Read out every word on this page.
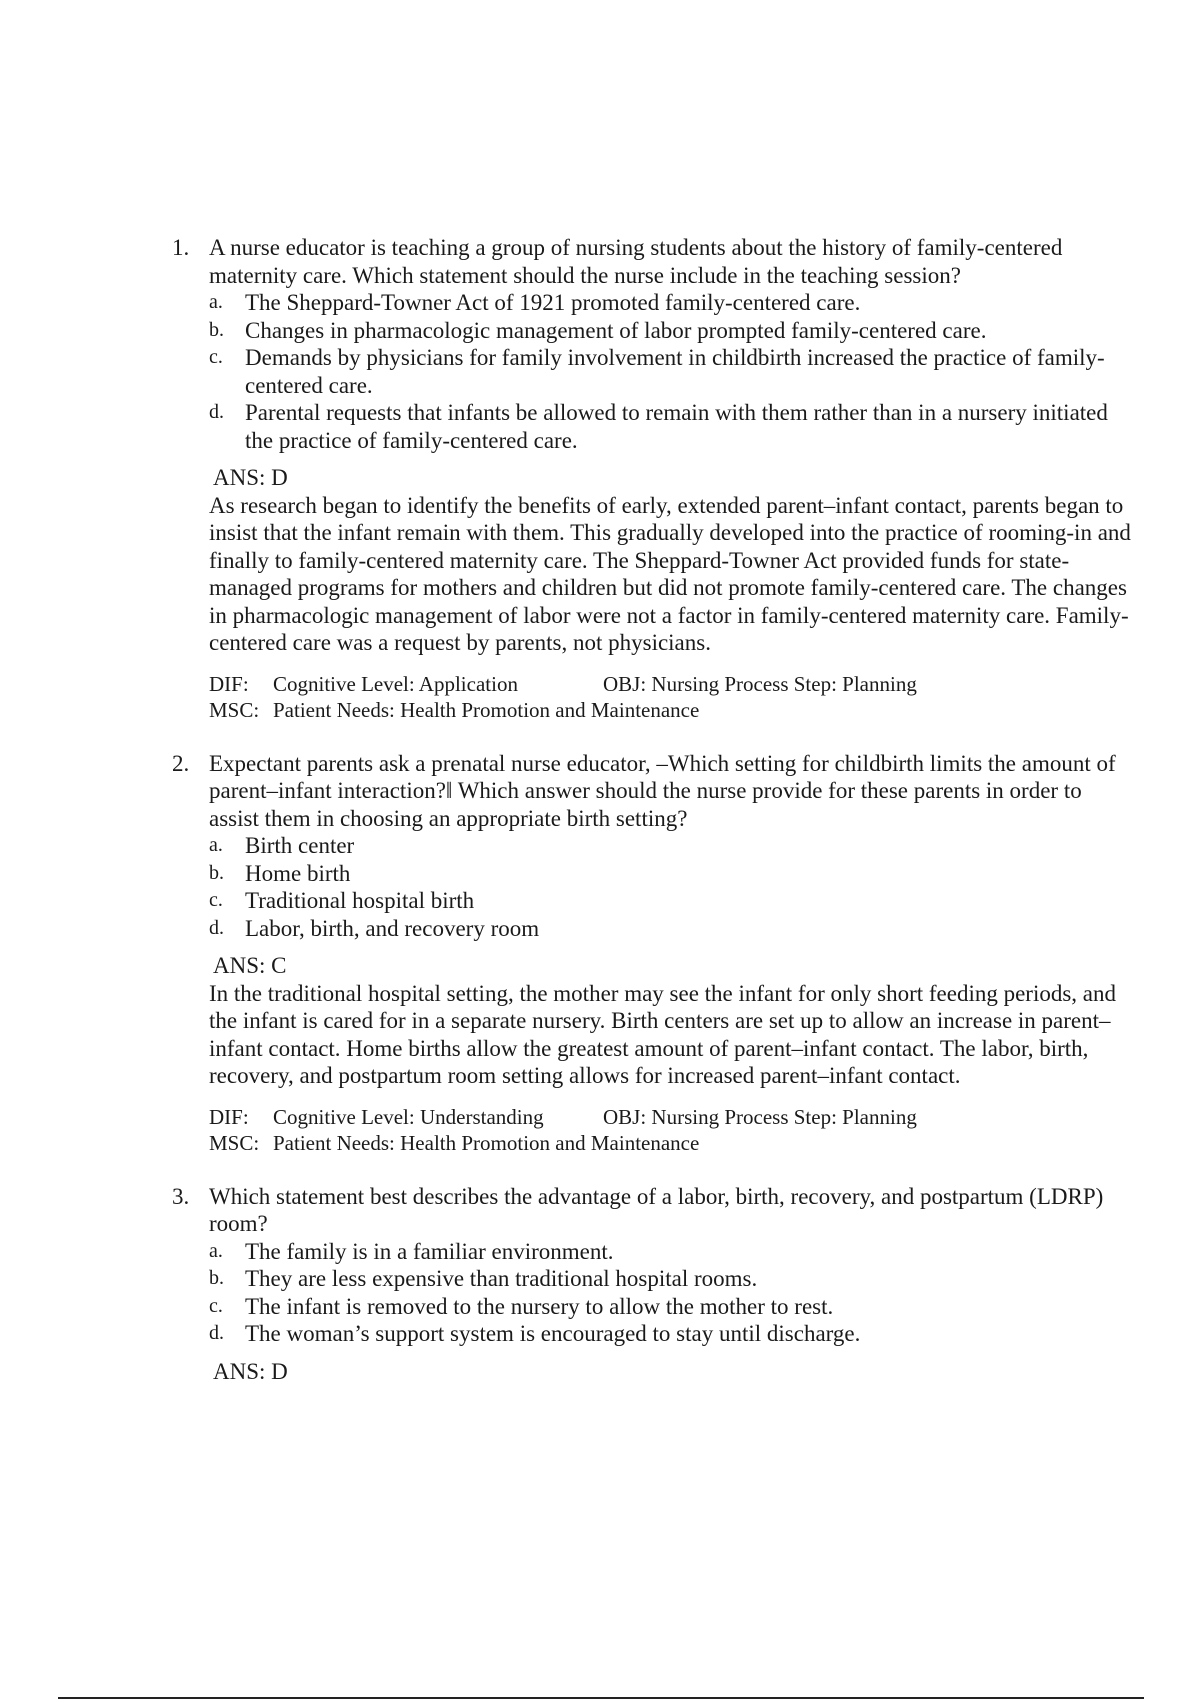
1. A nurse educator is teaching a group of nursing students about the history of family-centered maternity care. Which statement should the nurse include in the teaching session?
a. The Sheppard-Towner Act of 1921 promoted family-centered care.
b. Changes in pharmacologic management of labor prompted family-centered care.
c. Demands by physicians for family involvement in childbirth increased the practice of family-centered care.
d. Parental requests that infants be allowed to remain with them rather than in a nursery initiated the practice of family-centered care.
ANS: D
As research began to identify the benefits of early, extended parent–infant contact, parents began to insist that the infant remain with them. This gradually developed into the practice of rooming-in and finally to family-centered maternity care. The Sheppard-Towner Act provided funds for state-managed programs for mothers and children but did not promote family-centered care. The changes in pharmacologic management of labor were not a factor in family-centered maternity care. Family-centered care was a request by parents, not physicians.
DIF:	Cognitive Level: Application	OBJ: Nursing Process Step: Planning
MSC: Patient Needs: Health Promotion and Maintenance
2. Expectant parents ask a prenatal nurse educator, –Which setting for childbirth limits the amount of parent–infant interaction?‖ Which answer should the nurse provide for these parents in order to assist them in choosing an appropriate birth setting?
a. Birth center
b. Home birth
c. Traditional hospital birth
d. Labor, birth, and recovery room
ANS: C
In the traditional hospital setting, the mother may see the infant for only short feeding periods, and the infant is cared for in a separate nursery. Birth centers are set up to allow an increase in parent–infant contact. Home births allow the greatest amount of parent–infant contact. The labor, birth, recovery, and postpartum room setting allows for increased parent–infant contact.
DIF:	Cognitive Level: Understanding	OBJ: Nursing Process Step: Planning
MSC: Patient Needs: Health Promotion and Maintenance
3. Which statement best describes the advantage of a labor, birth, recovery, and postpartum (LDRP) room?
a. The family is in a familiar environment.
b. They are less expensive than traditional hospital rooms.
c. The infant is removed to the nursery to allow the mother to rest.
d. The woman’s support system is encouraged to stay until discharge.
ANS: D
